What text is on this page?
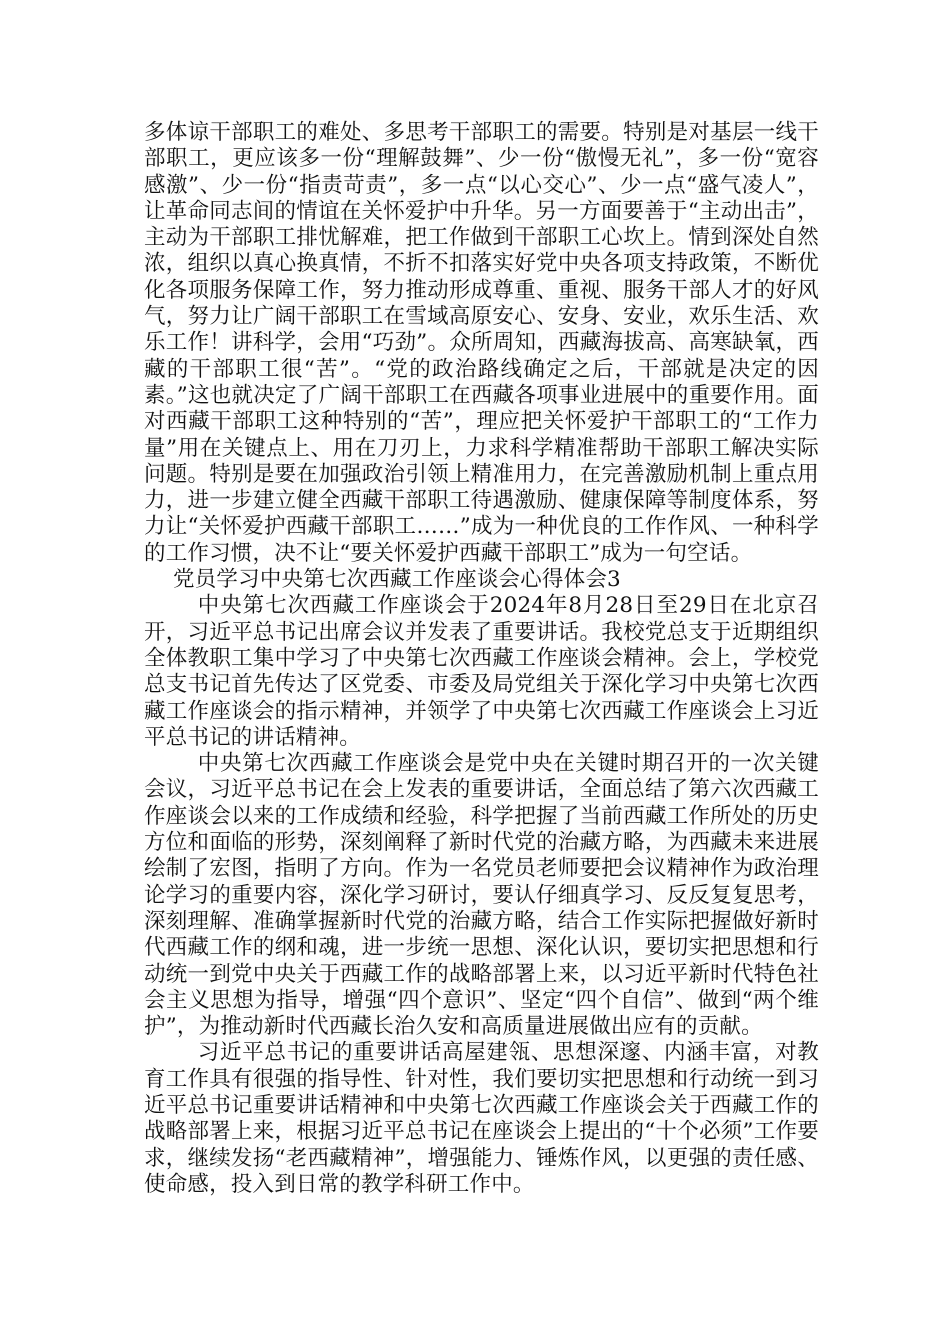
多体谅干部职工的难处、多思考干部职工的需要。特别是对基层一线干部职工，更应该多一份“理解鼓舞”、少一份“傲慢无礼”，多一份“宽容感激”、少一份“指责苛责”，多一点“以心交心”、少一点“盛气凌人”，让革命同志间的情谊在关怀爱护中升华。另一方面要善于“主动出击”，主动为干部职工排忧解难，把工作做到干部职工心坎上。情到深处自然浓，组织以真心换真情，不折不扣落实好党中央各项支持政策，不断优化各项服务保障工作，努力推动形成尊重、重视、服务干部人才的好风气，努力让广阔干部职工在雪域高原安心、安身、安业，欢乐生活、欢乐工作！讲科学，会用“巧劲”。众所周知，西藏海拔高、高寒缺氧，西藏的干部职工很“苦”。“党的政治路线确定之后，干部就是决定的因素。”这也就决定了广阔干部职工在西藏各项事业进展中的重要作用。面对西藏干部职工这种特别的“苦”，理应把关怀爱护干部职工的“工作力量”用在关键点上、用在刀刃上，力求科学精准帮助干部职工解决实际问题。特别是要在加强政治引领上精准用力，在完善激励机制上重点用力，进一步建立健全西藏干部职工待遇激励、健康保障等制度体系，努力让“关怀爱护西藏干部职工……”成为一种优良的工作作风、一种科学的工作习惯，决不让“要关怀爱护西藏干部职工”成为一句空话。

党员学习中央第七次西藏工作座谈会心得体会3

中央第七次西藏工作座谈会于2024年8月28日至29日在北京召开，习近平总书记出席会议并发表了重要讲话。我校党总支于近期组织全体教职工集中学习了中央第七次西藏工作座谈会精神。会上，学校党总支书记首先传达了区党委、市委及局党组关于深化学习中央第七次西藏工作座谈会的指示精神，并领学了中央第七次西藏工作座谈会上习近平总书记的讲话精神。

中央第七次西藏工作座谈会是党中央在关键时期召开的一次关键会议，习近平总书记在会上发表的重要讲话，全面总结了第六次西藏工作座谈会以来的工作成绩和经验，科学把握了当前西藏工作所处的历史方位和面临的形势，深刻阐释了新时代党的治藏方略，为西藏未来进展绘制了宏图，指明了方向。作为一名党员老师要把会议精神作为政治理论学习的重要内容，深化学习研讨，要认仔细真学习、反反复复思考，深刻理解、准确掌握新时代党的治藏方略，结合工作实际把握做好新时代西藏工作的纲和魂，进一步统一思想、深化认识，要切实把思想和行动统一到党中央关于西藏工作的战略部署上来，以习近平新时代特色社会主义思想为指导，增强“四个意识”、坚定“四个自信”、做到“两个维护”，为推动新时代西藏长治久安和高质量进展做出应有的贡献。

习近平总书记的重要讲话高屋建瓴、思想深邃、内涵丰富，对教育工作具有很强的指导性、针对性，我们要切实把思想和行动统一到习近平总书记重要讲话精神和中央第七次西藏工作座谈会关于西藏工作的战略部署上来，根据习近平总书记在座谈会上提出的“十个必须”工作要求，继续发扬“老西藏精神”，增强能力、锤炼作风，以更强的责任感、使命感，投入到日常的教学科研工作中。
